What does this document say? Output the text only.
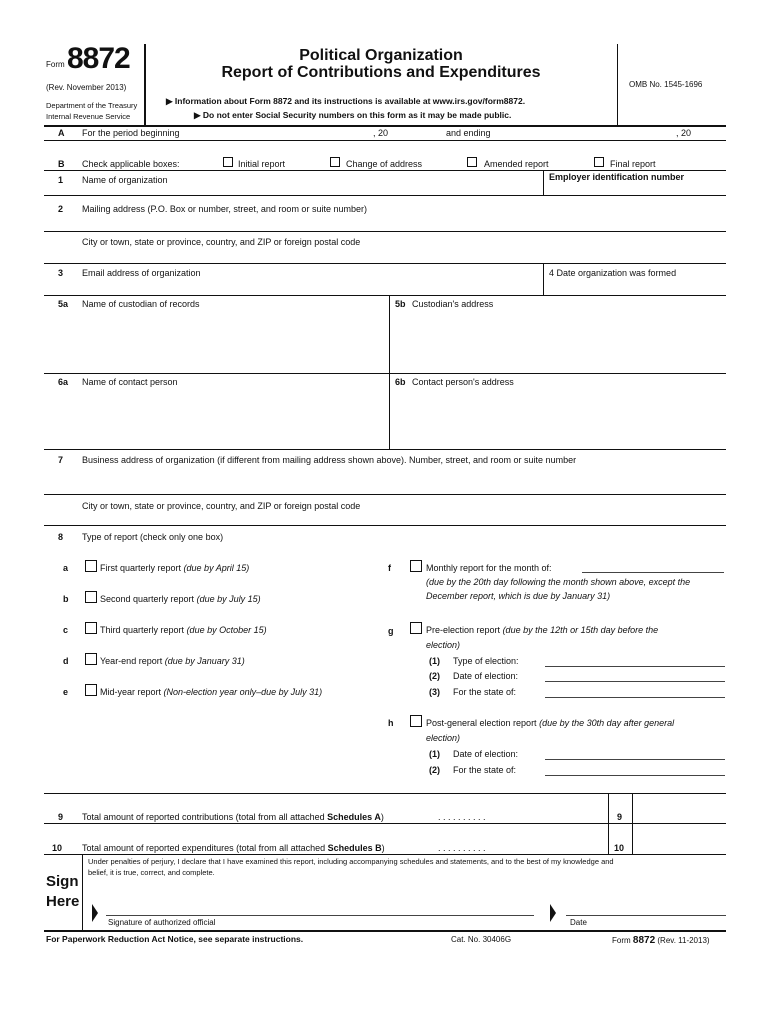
Form 8872
(Rev. November 2013)
Department of the Treasury
Internal Revenue Service
Political Organization
Report of Contributions and Expenditures
▶ Information about Form 8872 and its instructions is available at www.irs.gov/form8872.
▶ Do not enter Social Security numbers on this form as it may be made public.
OMB No. 1545-1696
A For the period beginning	, 20	and ending	, 20
B Check applicable boxes:	Initial report	Change of address	Amended report	Final report
1 Name of organization	Employer identification number
2 Mailing address (P.O. Box or number, street, and room or suite number)
City or town, state or province, country, and ZIP or foreign postal code
3 Email address of organization	4 Date organization was formed
5a Name of custodian of records	5b Custodian's address
6a Name of contact person	6b Contact person's address
7 Business address of organization (if different from mailing address shown above). Number, street, and room or suite number
City or town, state or province, country, and ZIP or foreign postal code
8 Type of report (check only one box)
a	First quarterly report (due by April 15)
b	Second quarterly report (due by July 15)
c	Third quarterly report (due by October 15)
d	Year-end report (due by January 31)
e	Mid-year report (Non-election year only–due by July 31)
f	Monthly report for the month of:
(due by the 20th day following the month shown above, except the
December report, which is due by January 31)
g	Pre-election report (due by the 12th or 15th day before the
election)
(1) Type of election:
(2) Date of election:
(3) For the state of:
h	Post-general election report (due by the 30th day after general
election)
(1) Date of election:
(2) For the state of:
9 Total amount of reported contributions (total from all attached Schedules A)	. . . . . . . . . .	9
10 Total amount of reported expenditures (total from all attached Schedules B)	. . . . . . . . . .	10
Sign
Here
Under penalties of perjury, I declare that I have examined this report, including accompanying schedules and statements, and to the best of my knowledge and
belief, it is true, correct, and complete.
Signature of authorized official	Date
For Paperwork Reduction Act Notice, see separate instructions.	Cat. No. 30406G	Form 8872 (Rev. 11-2013)
